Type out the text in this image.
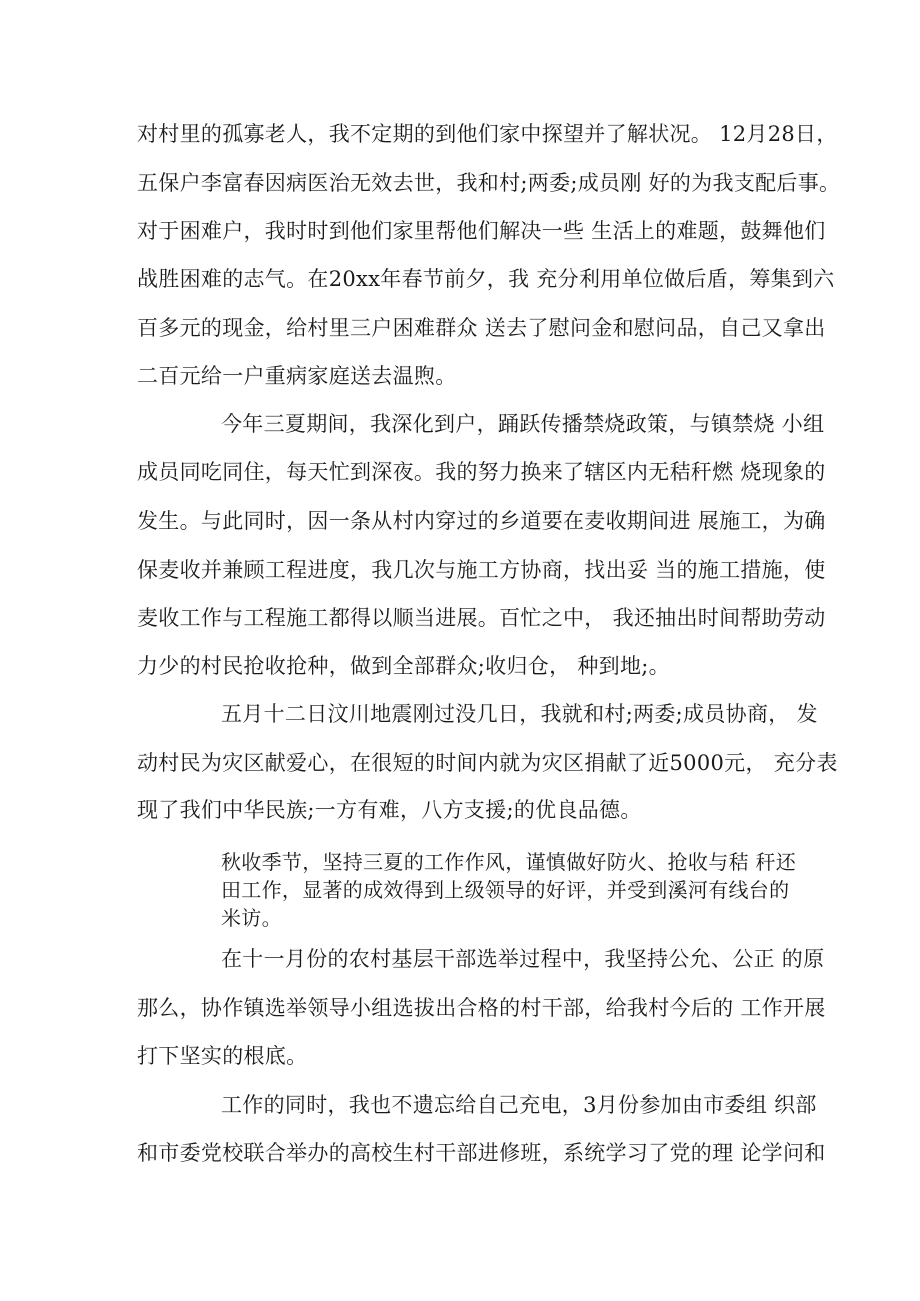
对村里的孤寡老人，我不定期的到他们家中探望并了解状况。 12月28日，
五保户李富春因病医治无效去世，我和村;两委;成员刚 好的为我支配后事。
对于困难户，我时时到他们家里帮他们解决一些 生活上的难题，鼓舞他们
战胜困难的志气。在20xx年春节前夕，我 充分利用单位做后盾，筹集到六
百多元的现金，给村里三户困难群众 送去了慰问金和慰问品，自己又拿出
二百元给一户重病家庭送去温煦。
今年三夏期间，我深化到户，踊跃传播禁烧政策，与镇禁烧 小组
成员同吃同住，每天忙到深夜。我的努力换来了辖区内无秸秆燃 烧现象的
发生。与此同时，因一条从村内穿过的乡道要在麦收期间进 展施工，为确
保麦收并兼顾工程进度，我几次与施工方协商，找出妥 当的施工措施，使
麦收工作与工程施工都得以顺当进展。百忙之中， 我还抽出时间帮助劳动
力少的村民抢收抢种，做到全部群众;收归仓， 种到地;。
五月十二日汶川地震刚过没几日，我就和村;两委;成员协商， 发
动村民为灾区献爱心，在很短的时间内就为灾区捐献了近5000元， 充分表
现了我们中华民族;一方有难，八方支援;的优良品德。
秋收季节，坚持三夏的工作作风，谨慎做好防火、抢收与秸 秆还
田工作，显著的成效得到上级领导的好评，并受到溪河有线台的
米访。
在十一月份的农村基层干部选举过程中，我坚持公允、公正 的原
那么，协作镇选举领导小组选拔出合格的村干部，给我村今后的 工作开展
打下坚实的根底。
工作的同时，我也不遗忘给自己充电，3月份参加由市委组 织部
和市委党校联合举办的高校生村干部进修班，系统学习了党的理 论学问和
